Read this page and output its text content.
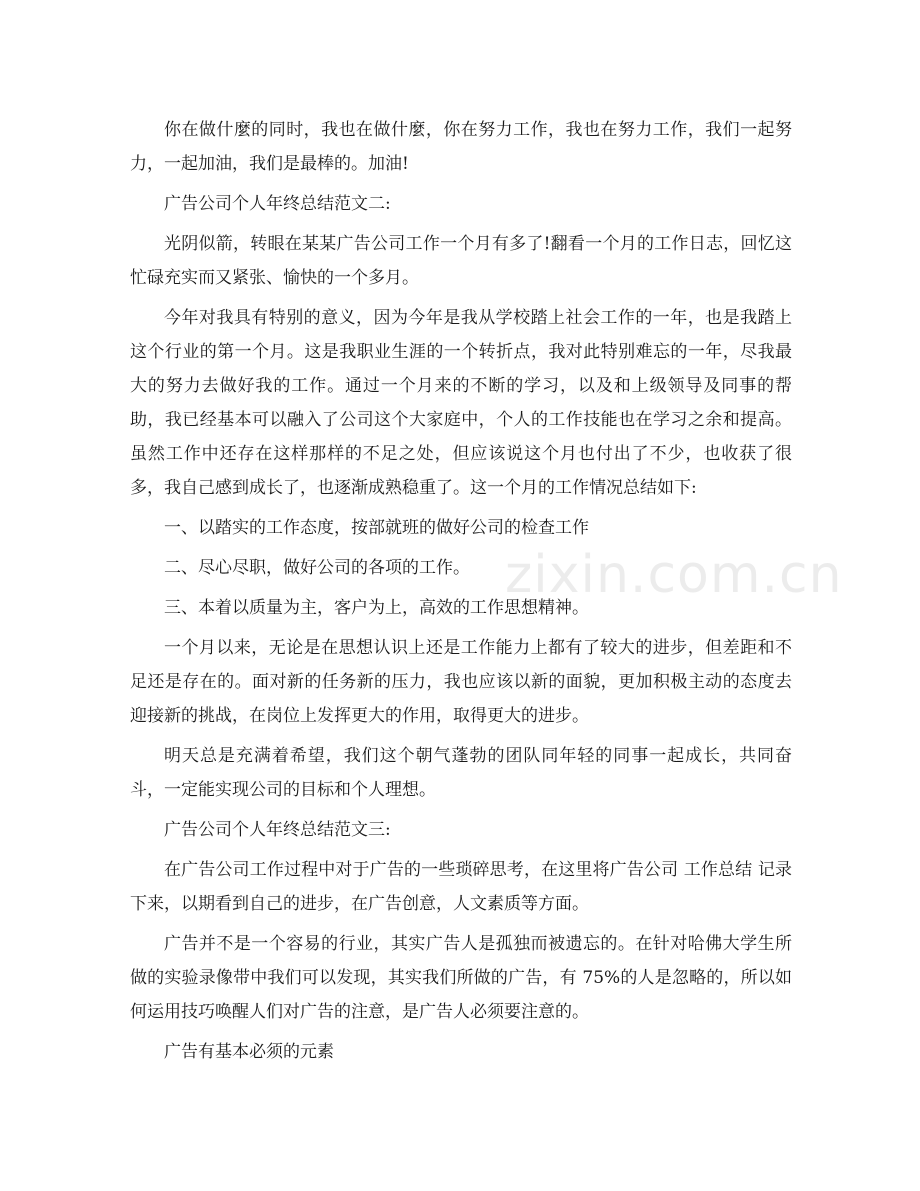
你在做什麼的同时，我也在做什麼，你在努力工作，我也在努力工作，我们一起努力，一起加油，我们是最棒的。加油!

广告公司个人年终总结范文二:

光阴似箭，转眼在某某广告公司工作一个月有多了!翻看一个月的工作日志，回忆这忙碌充实而又紧张、愉快的一个多月。

今年对我具有特别的意义，因为今年是我从学校踏上社会工作的一年，也是我踏上这个行业的第一个月。这是我职业生涯的一个转折点，我对此特别难忘的一年，尽我最大的努力去做好我的工作。通过一个月来的不断的学习，以及和上级领导及同事的帮助，我已经基本可以融入了公司这个大家庭中，个人的工作技能也在学习之余和提高。虽然工作中还存在这样那样的不足之处，但应该说这个月也付出了不少，也收获了很多，我自己感到成长了，也逐渐成熟稳重了。这一个月的工作情况总结如下:

一、以踏实的工作态度，按部就班的做好公司的检查工作

二、尽心尽职，做好公司的各项的工作。

三、本着以质量为主，客户为上，高效的工作思想精神。

一个月以来，无论是在思想认识上还是工作能力上都有了较大的进步，但差距和不足还是存在的。面对新的任务新的压力，我也应该以新的面貌，更加积极主动的态度去迎接新的挑战，在岗位上发挥更大的作用，取得更大的进步。

明天总是充满着希望，我们这个朝气蓬勃的团队同年轻的同事一起成长，共同奋斗，一定能实现公司的目标和个人理想。

广告公司个人年终总结范文三:

在广告公司工作过程中对于广告的一些琐碎思考，在这里将广告公司 工作总结 记录下来，以期看到自己的进步，在广告创意，人文素质等方面。

广告并不是一个容易的行业，其实广告人是孤独而被遗忘的。在针对哈佛大学生所做的实验录像带中我们可以发现，其实我们所做的广告，有 75%的人是忽略的，所以如何运用技巧唤醒人们对广告的注意，是广告人必须要注意的。

广告有基本必须的元素

zixin.com.cn
